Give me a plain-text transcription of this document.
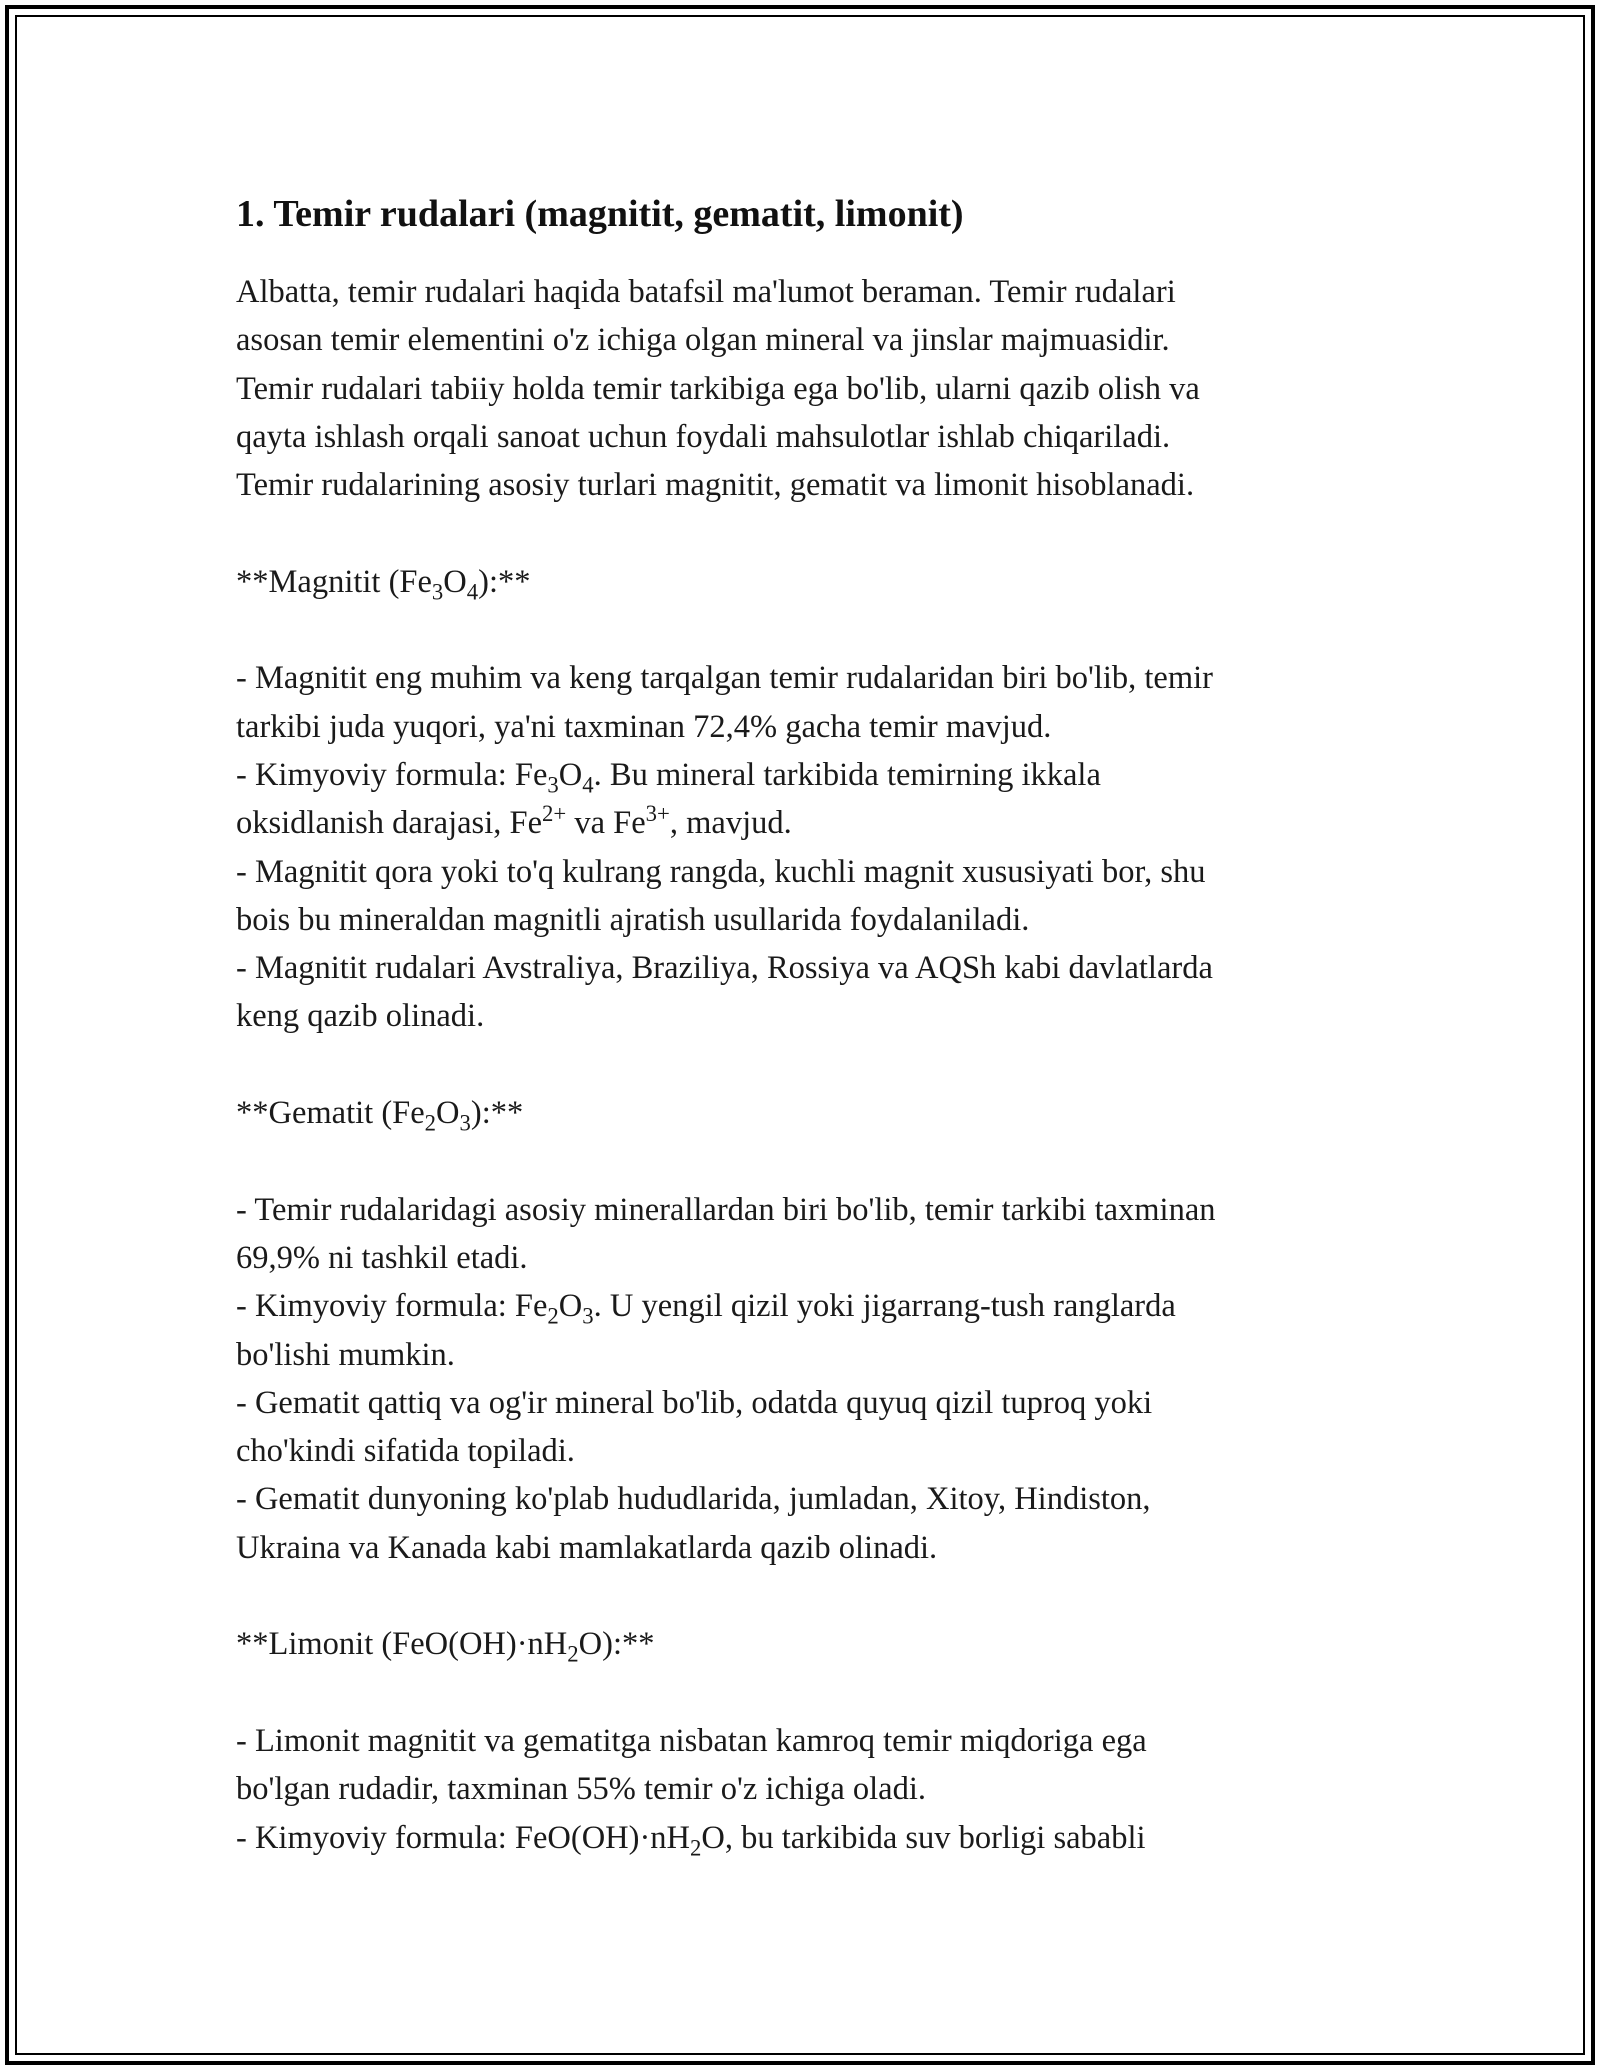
1. Temir rudalari (magnitit, gematit, limonit)

Albatta, temir rudalari haqida batafsil ma'lumot beraman. Temir rudalari

asosan temir elementini o'z ichiga olgan mineral va jinslar majmuasidir.

Temir rudalari tabiiy holda temir tarkibiga ega bo'lib, ularni qazib olish va

qayta ishlash orqali sanoat uchun foydali mahsulotlar ishlab chiqariladi.

Temir rudalarining asosiy turlari magnitit, gematit va limonit hisoblanadi.

**Magnitit $(Fe_3O_4):**$

- Magnitit eng muhim va keng tarqalgan temir rudalaridan biri bo'lib, temir

tarkibi juda yuqori, ya'ni taxminan 72,4% gacha temir mavjud.

- Kimyoviy formula: $Fe_3O_4$. Bu mineral tarkibida temirning ikkala

oksidlanish darajasi, $Fe^{2+}$ va $Fe^{3+}$, mavjud.

- Magnitit qora yoki to'q kulrang rangda, kuchli magnit xususiyati bor, shu

bois bu mineraldan magnitli ajratish usullarida foydalaniladi.

- Magnitit rudalari Avstraliya, Braziliya, Rossiya va AQSh kabi davlatlarda

keng qazib olinadi.

**Gematit $(Fe_2O_3):**$

- Temir rudalaridagi asosiy minerallardan biri bo'lib, temir tarkibi taxminan

69,9% ni tashkil etadi.

- Kimyoviy formula: $Fe_2O_3$. U yengil qizil yoki jigarrang-tush ranglarda

bo'lishi mumkin.

- Gematit qattiq va og'ir mineral bo'lib, odatda quyuq qizil tuproq yoki

cho'kindi sifatida topiladi.

- Gematit dunyoning ko'plab hududlarida, jumladan, Xitoy, Hindiston,

Ukraina va Kanada kabi mamlakatlarda qazib olinadi.

**Limonit $(FeO(OH)\cdot nH_2O):**$

- Limonit magnitit va gematitga nisbatan kamroq temir miqdoriga ega

bo'lgan rudadir, taxminan 55% temir o'z ichiga oladi.

- Kimyoviy formula: $FeO(OH)\cdot nH_2O$, bu tarkibida suv borligi sababli
